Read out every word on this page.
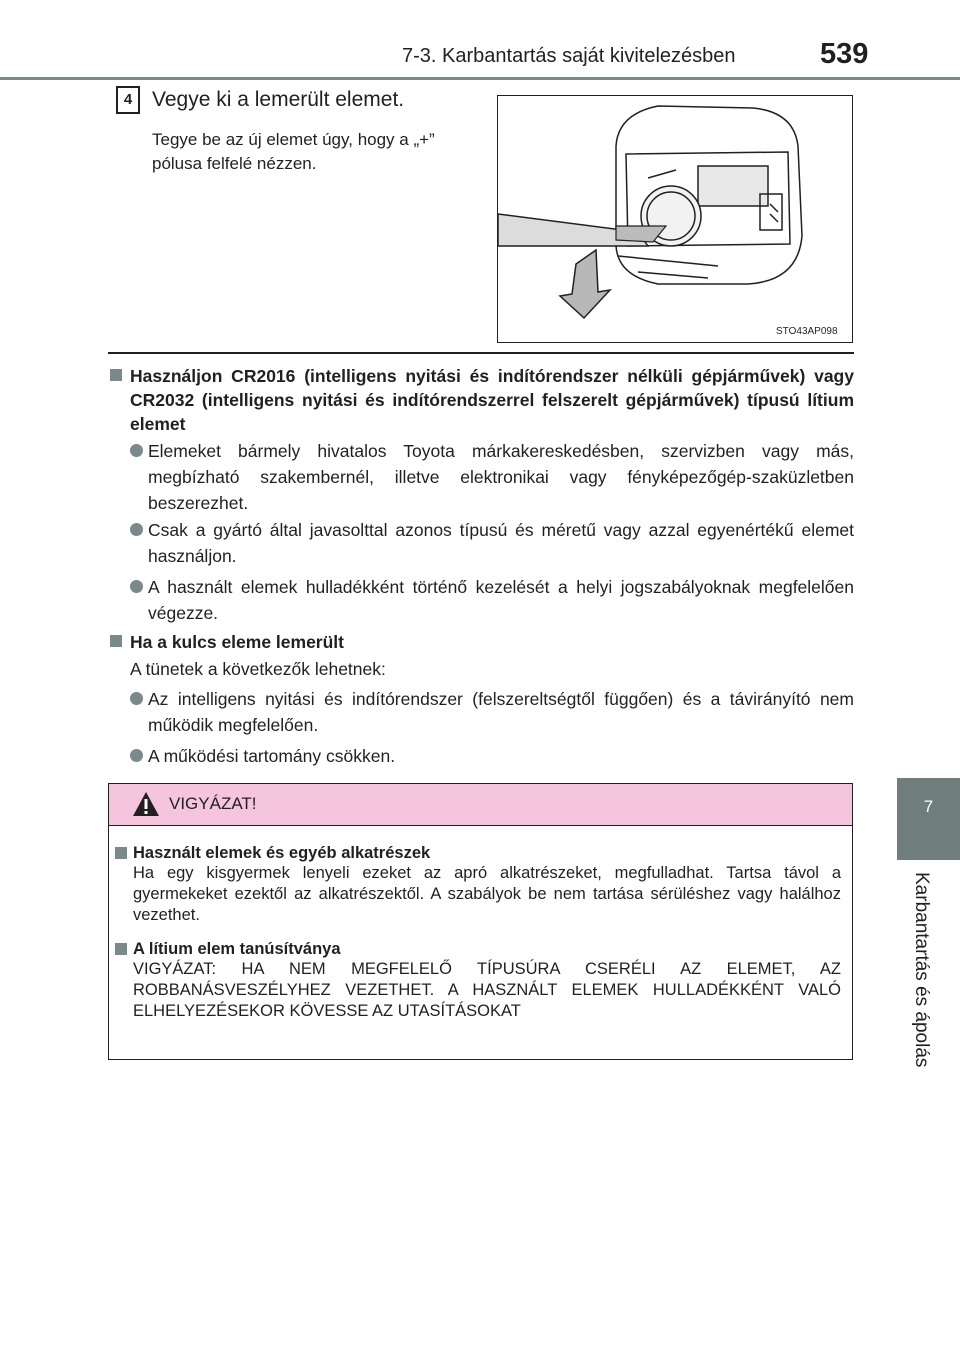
7-3. Karbantartás saját kivitelezésben	539
7
Karbantartás és ápolás
4 Vegye ki a lemerült elemet.
Tegye be az új elemet úgy, hogy a „+” pólusa felfelé nézzen.
STO43AP098
Használjon CR2016 (intelligens nyitási és indítórendszer nélküli gépjárművek) vagy CR2032 (intelligens nyitási és indítórendszerrel felszerelt gépjárművek) típusú lítium elemet
Elemeket bármely hivatalos Toyota márkakereskedésben, szervizben vagy más, megbízható szakembernél, illetve elektronikai vagy fényképezőgép-szaküzletben beszerezhet.
Csak a gyártó által javasolttal azonos típusú és méretű vagy azzal egyenértékű elemet használjon.
A használt elemek hulladékként történő kezelését a helyi jogszabályoknak megfelelően végezze.
Ha a kulcs eleme lemerült
A tünetek a következők lehetnek:
Az intelligens nyitási és indítórendszer (felszereltségtől függően) és a távirányító nem működik megfelelően.
A működési tartomány csökken.
VIGYÁZAT!
Használt elemek és egyéb alkatrészek
Ha egy kisgyermek lenyeli ezeket az apró alkatrészeket, megfulladhat. Tartsa távol a gyermekeket ezektől az alkatrészektől. A szabályok be nem tartása sérüléshez vagy halálhoz vezethet.
A lítium elem tanúsítványa
VIGYÁZAT: HA NEM MEGFELELŐ TÍPUSÚRA CSERÉLI AZ ELEMET, AZ ROBBANÁSVESZÉLYHEZ VEZETHET. A HASZNÁLT ELEMEK HULLADÉKKÉNT VALÓ ELHELYEZÉSEKOR KÖVESSE AZ UTASÍTÁSOKAT
